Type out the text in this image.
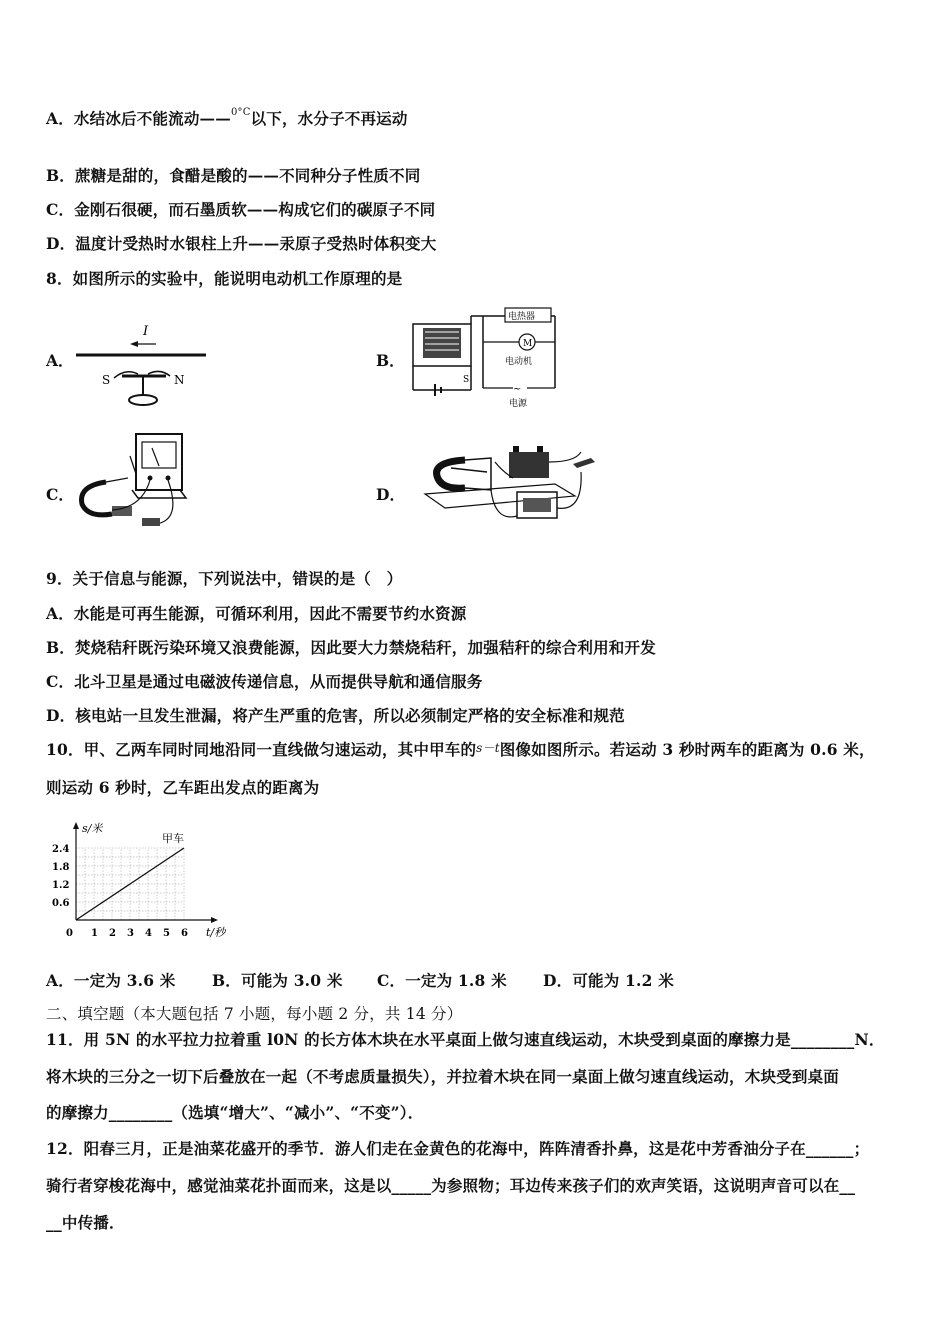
A．水结冰后不能流动——$^{0^\circ C}$以下，水分子不再运动
B．蔗糖是甜的，食醋是酸的——不同种分子性质不同
C．金刚石很硬，而石墨质软——构成它们的碳原子不同
D．温度计受热时水银柱上升——汞原子受热时体积变大
8．如图所示的实验中，能说明电动机工作原理的是
A．
I
S	N
B．
S
电热器
M
电动机
~
电源
C．	D．
9．关于信息与能源，下列说法中，错误的是（　）
A．水能是可再生能源，可循环利用，因此不需要节约水资源
B．焚烧秸秆既污染环境又浪费能源，因此要大力禁烧秸秆，加强秸秆的综合利用和开发
C．北斗卫星是通过电磁波传递信息，从而提供导航和通信服务
D．核电站一旦发生泄漏，将产生严重的危害，所以必须制定严格的安全标准和规范
10．甲、乙两车同时同地沿同一直线做匀速运动，其中甲车的s－t图像如图所示。若运动 3 秒时两车的距离为 0.6 米，
则运动 6 秒时，乙车距出发点的距离为
0 1 2 3 4 5 6
0.6
1.2
1.8
2.4
s/米
t/秒
甲车
A．一定为 3.6 米 B．可能为 3.0 米 C．一定为 1.8 米 D．可能为 1.2 米
二、填空题（本大题包括 7 小题，每小题 2 分，共 14 分）
11．用 5N 的水平拉力拉着重 l0N 的长方体木块在水平桌面上做匀速直线运动，木块受到桌面的摩擦力是________N．
将木块的三分之一切下后叠放在一起（不考虑质量损失），并拉着木块在同一桌面上做匀速直线运动，木块受到桌面
的摩擦力________（选填“增大”、“减小”、“不变”）．
12．阳春三月，正是油菜花盛开的季节．游人们走在金黄色的花海中，阵阵清香扑鼻，这是花中芳香油分子在______；
骑行者穿梭花海中，感觉油菜花扑面而来，这是以_____为参照物；耳边传来孩子们的欢声笑语，这说明声音可以在__
__中传播．
